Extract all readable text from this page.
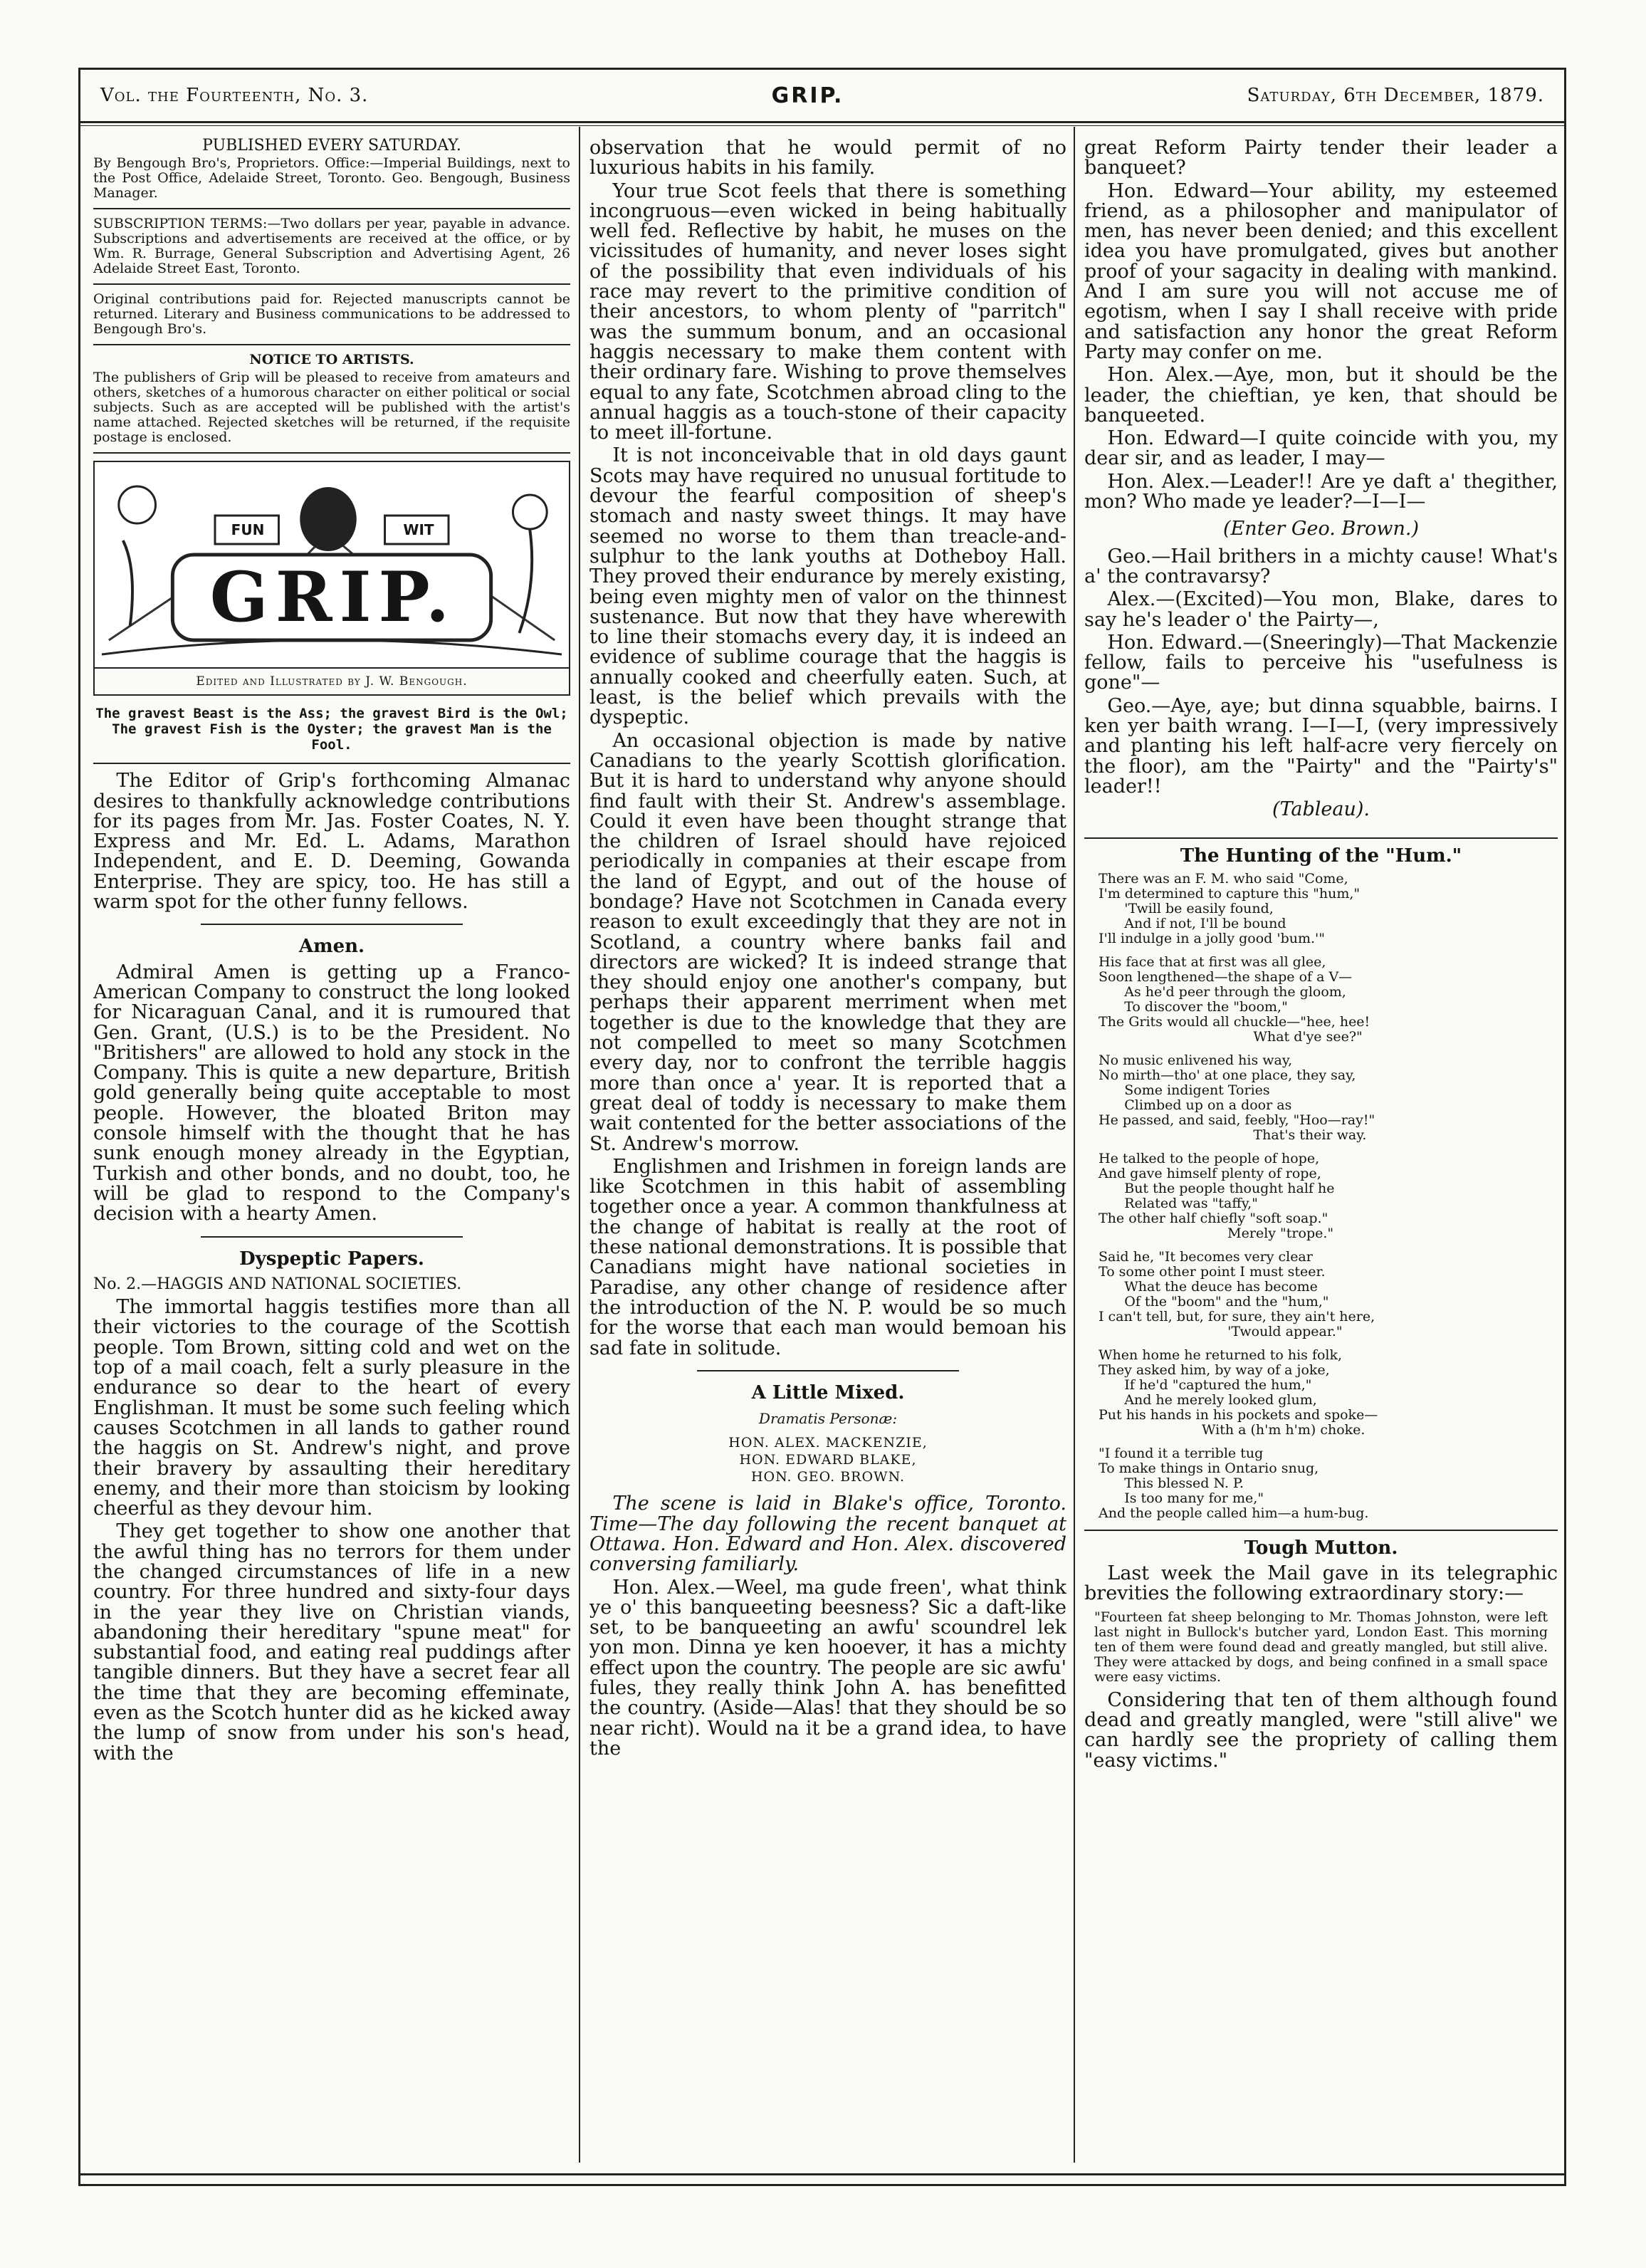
Vol. the Fourteenth, No. 3.	GRIP.	Saturday, 6th December, 1879.
PUBLISHED EVERY SATURDAY.

By Bengough Bro's, Proprietors. Office:—Imperial Buildings, next to the Post Office, Adelaide Street, Toronto. Geo. Bengough, Business Manager.

SUBSCRIPTION TERMS:—Two dollars per year, payable in advance. Subscriptions and advertisements are received at the office, or by Wm. R. Burrage, General Subscription and Advertising Agent, 26 Adelaide Street East, Toronto.

Original contributions paid for. Rejected manuscripts cannot be returned. Literary and Business communications to be addressed to Bengough Bro's.

NOTICE TO ARTISTS.

The publishers of Grip will be pleased to receive from amateurs and others, sketches of a humorous character on either political or social subjects. Such as are accepted will be published with the artist's name attached. Rejected sketches will be returned, if the requisite postage is enclosed.

FUN	WIT
GRIP.
Edited and Illustrated by J. W. Bengough.
The gravest Beast is the Ass; the gravest Bird is the Owl;
The gravest Fish is the Oyster; the gravest Man is the Fool.

The Editor of Grip's forthcoming Almanac desires to thankfully acknowledge contributions for its pages from Mr. Jas. Foster Coates, N. Y. Express and Mr. Ed. L. Adams, Marathon Independent, and E. D. Deeming, Gowanda Enterprise. They are spicy, too. He has still a warm spot for the other funny fellows.

Amen.

Admiral Amen is getting up a Franco-American Company to construct the long looked for Nicaraguan Canal, and it is rumoured that Gen. Grant, (U.S.) is to be the President. No "Britishers" are allowed to hold any stock in the Company. This is quite a new departure, British gold generally being quite acceptable to most people. However, the bloated Briton may console himself with the thought that he has sunk enough money already in the Egyptian, Turkish and other bonds, and no doubt, too, he will be glad to respond to the Company's decision with a hearty Amen.

Dyspeptic Papers.

No. 2.—HAGGIS AND NATIONAL SOCIETIES.

The immortal haggis testifies more than all their victories to the courage of the Scottish people. Tom Brown, sitting cold and wet on the top of a mail coach, felt a surly pleasure in the endurance so dear to the heart of every Englishman. It must be some such feeling which causes Scotchmen in all lands to gather round the haggis on St. Andrew's night, and prove their bravery by assaulting their hereditary enemy, and their more than stoicism by looking cheerful as they devour him.

They get together to show one another that the awful thing has no terrors for them under the changed circumstances of life in a new country. For three hundred and sixty-four days in the year they live on Christian viands, abandoning their hereditary "spune meat" for substantial food, and eating real puddings after tangible dinners. But they have a secret fear all the time that they are becoming effeminate, even as the Scotch hunter did as he kicked away the lump of snow from under his son's head, with the

observation that he would permit of no luxurious habits in his family.

Your true Scot feels that there is something incongruous—even wicked in being habitually well fed. Reflective by habit, he muses on the vicissitudes of humanity, and never loses sight of the possibility that even individuals of his race may revert to the primitive condition of their ancestors, to whom plenty of "parritch" was the summum bonum, and an occasional haggis necessary to make them content with their ordinary fare. Wishing to prove themselves equal to any fate, Scotchmen abroad cling to the annual haggis as a touch-stone of their capacity to meet ill-fortune.

It is not inconceivable that in old days gaunt Scots may have required no unusual fortitude to devour the fearful composition of sheep's stomach and nasty sweet things. It may have seemed no worse to them than treacle-and-sulphur to the lank youths at Dotheboy Hall. They proved their endurance by merely existing, being even mighty men of valor on the thinnest sustenance. But now that they have wherewith to line their stomachs every day, it is indeed an evidence of sublime courage that the haggis is annually cooked and cheerfully eaten. Such, at least, is the belief which prevails with the dyspeptic.

An occasional objection is made by native Canadians to the yearly Scottish glorification. But it is hard to understand why anyone should find fault with their St. Andrew's assemblage. Could it even have been thought strange that the children of Israel should have rejoiced periodically in companies at their escape from the land of Egypt, and out of the house of bondage? Have not Scotchmen in Canada every reason to exult exceedingly that they are not in Scotland, a country where banks fail and directors are wicked? It is indeed strange that they should enjoy one another's company, but perhaps their apparent merriment when met together is due to the knowledge that they are not compelled to meet so many Scotchmen every day, nor to confront the terrible haggis more than once a' year. It is reported that a great deal of toddy is necessary to make them wait contented for the better associations of the St. Andrew's morrow.

Englishmen and Irishmen in foreign lands are like Scotchmen in this habit of assembling together once a year. A common thankfulness at the change of habitat is really at the root of these national demonstrations. It is possible that Canadians might have national societies in Paradise, any other change of residence after the introduction of the N. P. would be so much for the worse that each man would bemoan his sad fate in solitude.

A Little Mixed.
Dramatis Personæ:
HON. ALEX. MACKENZIE,
HON. EDWARD BLAKE,
HON. GEO. BROWN.

The scene is laid in Blake's office, Toronto. Time—The day following the recent banquet at Ottawa. Hon. Edward and Hon. Alex. discovered conversing familiarly.

Hon. Alex.—Weel, ma gude freen', what think ye o' this banqueeting beesness? Sic a daft-like set, to be banqueeting an awfu' scoundrel lek yon mon. Dinna ye ken hooever, it has a michty effect upon the country. The people are sic awfu' fules, they really think John A. has benefitted the country. (Aside—Alas! that they should be so near richt). Would na it be a grand idea, to have the

great Reform Pairty tender their leader a banqueet?

Hon. Edward—Your ability, my esteemed friend, as a philosopher and manipulator of men, has never been denied; and this excellent idea you have promulgated, gives but another proof of your sagacity in dealing with mankind. And I am sure you will not accuse me of egotism, when I say I shall receive with pride and satisfaction any honor the great Reform Party may confer on me.

Hon. Alex.—Aye, mon, but it should be the leader, the chieftian, ye ken, that should be banqueeted.

Hon. Edward—I quite coincide with you, my dear sir, and as leader, I may—

Hon. Alex.—Leader!! Are ye daft a' thegither, mon? Who made ye leader?—I—I—

(Enter Geo. Brown.)

Geo.—Hail brithers in a michty cause! What's a' the contravarsy?

Alex.—(Excited)—You mon, Blake, dares to say he's leader o' the Pairty—,

Hon. Edward.—(Sneeringly)—That Mackenzie fellow, fails to perceive his "usefulness is gone"—

Geo.—Aye, aye; but dinna squabble, bairns. I ken yer baith wrang. I—I—I, (very impressively and planting his left half-acre very fiercely on the floor), am the "Pairty" and the "Pairty's" leader!!

(Tableau).

The Hunting of the "Hum."
There was an F. M. who said "Come,
I'm determined to capture this "hum,"
'Twill be easily found,
And if not, I'll be bound
I'll indulge in a jolly good 'bum.'"
His face that at first was all glee,
Soon lengthened—the shape of a V—
As he'd peer through the gloom,
To discover the "boom,"
The Grits would all chuckle—"hee, hee!
What d'ye see?"
No music enlivened his way,
No mirth—tho' at one place, they say,
Some indigent Tories
Climbed up on a door as
He passed, and said, feebly, "Hoo—ray!"
That's their way.
He talked to the people of hope,
And gave himself plenty of rope,
But the people thought half he
Related was "taffy,"
The other half chiefly "soft soap."
Merely "trope."
Said he, "It becomes very clear
To some other point I must steer.
What the deuce has become
Of the "boom" and the "hum,"
I can't tell, but, for sure, they ain't here,
'Twould appear."
When home he returned to his folk,
They asked him, by way of a joke,
If he'd "captured the hum,"
And he merely looked glum,
Put his hands in his pockets and spoke—
With a (h'm h'm) choke.
"I found it a terrible tug
To make things in Ontario snug,
This blessed N. P.
Is too many for me,"
And the people called him—a hum-bug.
Tough Mutton.

Last week the Mail gave in its telegraphic brevities the following extraordinary story:—

"Fourteen fat sheep belonging to Mr. Thomas Johnston, were left last night in Bullock's butcher yard, London East. This morning ten of them were found dead and greatly mangled, but still alive. They were attacked by dogs, and being confined in a small space were easy victims.

Considering that ten of them although found dead and greatly mangled, were "still alive" we can hardly see the propriety of calling them "easy victims."
